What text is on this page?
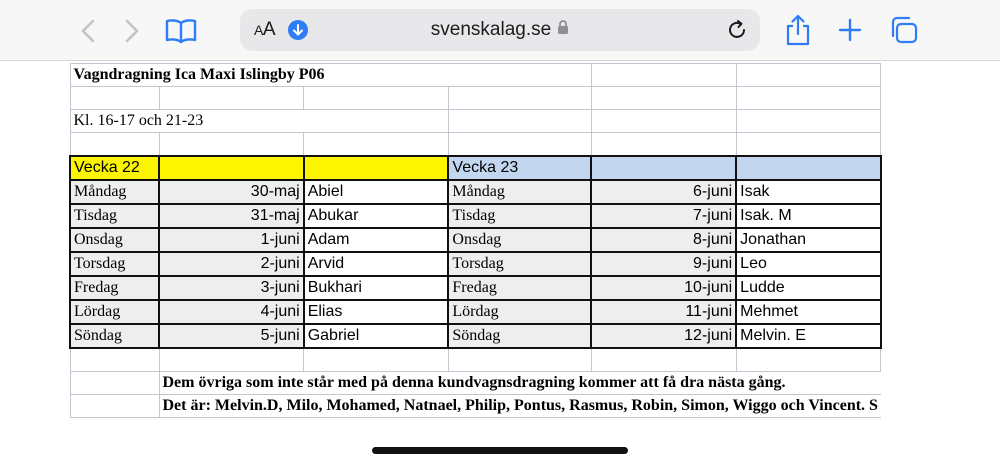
AA	svenskalag.se
Vagndragning Ica Maxi Islingby P06					

Kl. 16-17 och 21-23					

Vecka 22			Vecka 23		
Måndag	30-maj	Abiel	Måndag	6-juni	Isak
Tisdag	31-maj	Abukar	Tisdag	7-juni	Isak. M
Onsdag	1-juni	Adam	Onsdag	8-juni	Jonathan
Torsdag	2-juni	Arvid	Torsdag	9-juni	Leo
Fredag	3-juni	Bukhari	Fredag	10-juni	Ludde
Lördag	4-juni	Elias	Lördag	11-juni	Mehmet
Söndag	5-juni	Gabriel	Söndag	12-juni	Melvin. E

	Dem övriga som inte står med på denna kundvagnsdragning kommer att få dra nästa gång.				
	Det är: Melvin.D, Milo, Mohamed, Natnael, Philip, Pontus, Rasmus, Robin, Simon, Wiggo och Vincent. S				
